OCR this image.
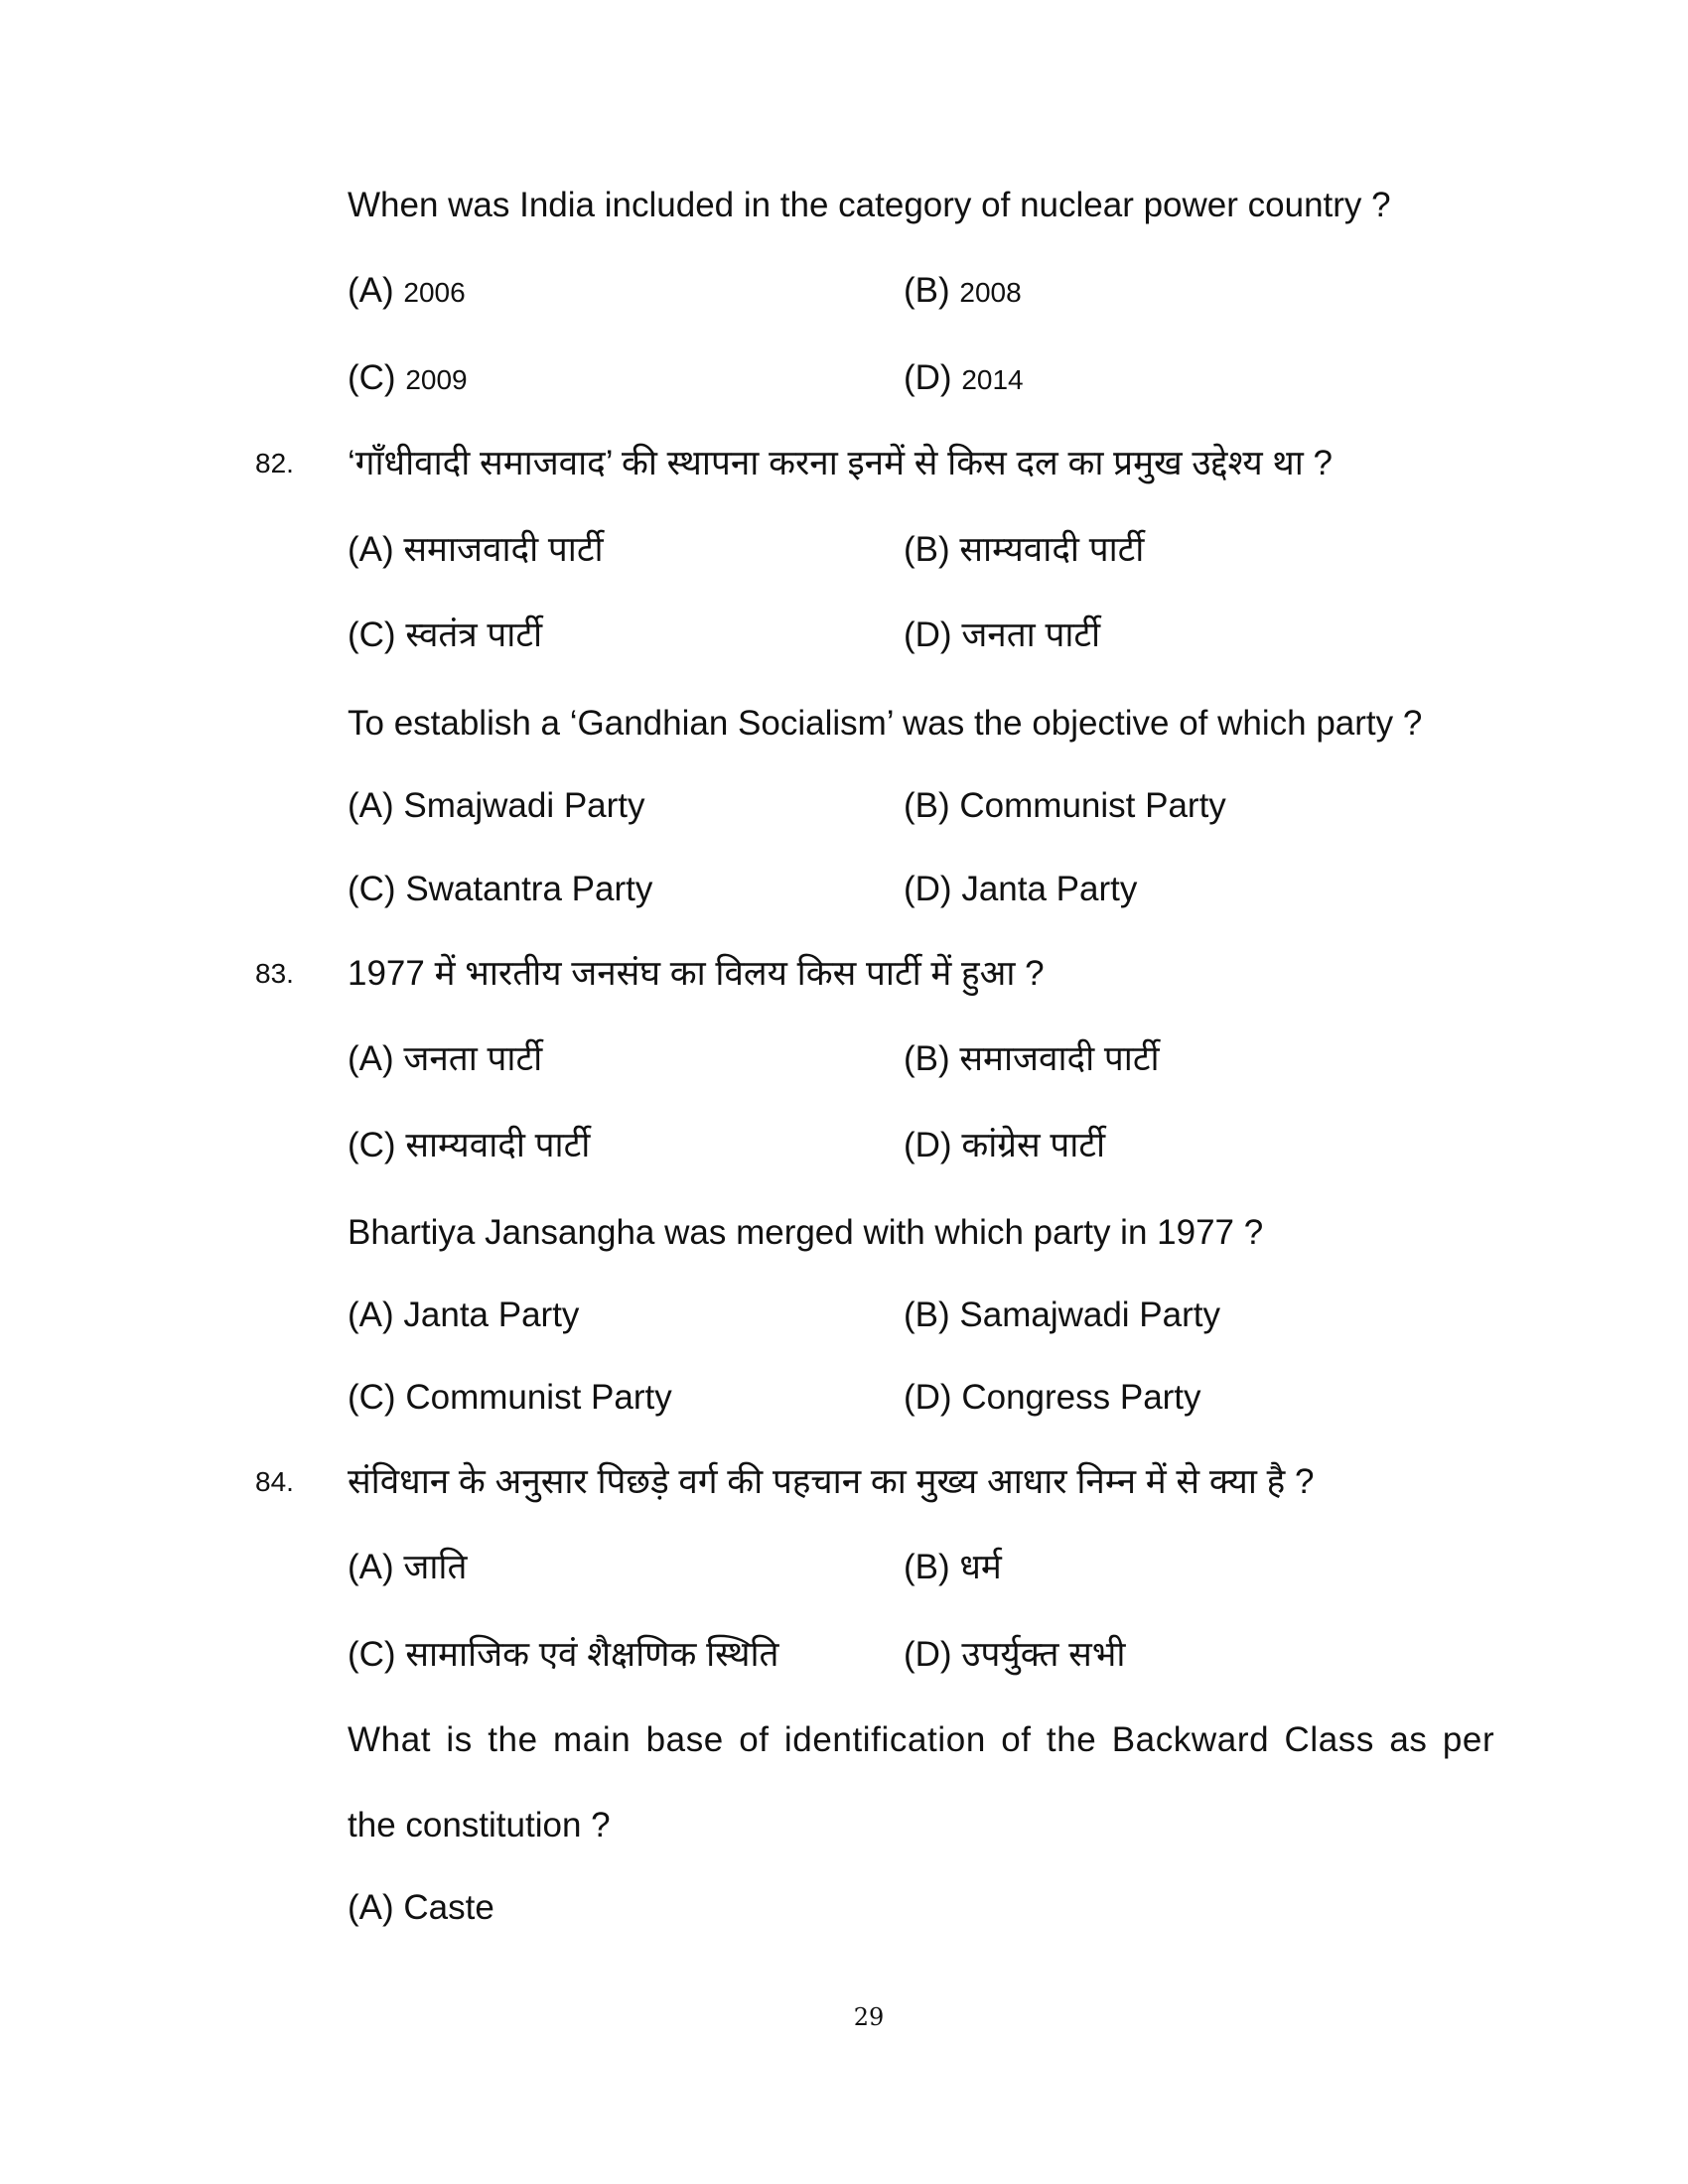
When was India included in the category of nuclear power country ?
(A) 2006	(B) 2008
(C) 2009	(D) 2014
82. ‘गाँधीवादी समाजवाद’ की स्थापना करना इनमें से किस दल का प्रमुख उद्देश्य था ?
(A) समाजवादी पार्टी	(B) साम्यवादी पार्टी
(C) स्वतंत्र पार्टी	(D) जनता पार्टी
To establish a ‘Gandhian Socialism’ was the objective of which party ?
(A) Smajwadi Party	(B) Communist Party
(C) Swatantra Party	(D) Janta Party
83. 1977 में भारतीय जनसंघ का विलय किस पार्टी में हुआ ?
(A) जनता पार्टी	(B) समाजवादी पार्टी
(C) साम्यवादी पार्टी	(D) कांग्रेस पार्टी
Bhartiya Jansangha was merged with which party in 1977 ?
(A) Janta Party	(B) Samajwadi Party
(C) Communist Party	(D) Congress Party
84. संविधान के अनुसार पिछड़े वर्ग की पहचान का मुख्य आधार निम्न में से क्या है ?
(A) जाति	(B) धर्म
(C) सामाजिक एवं शैक्षणिक स्थिति	(D) उपर्युक्त सभी
What is the main base of identification of the Backward Class as per
the constitution ?
(A) Caste
29
